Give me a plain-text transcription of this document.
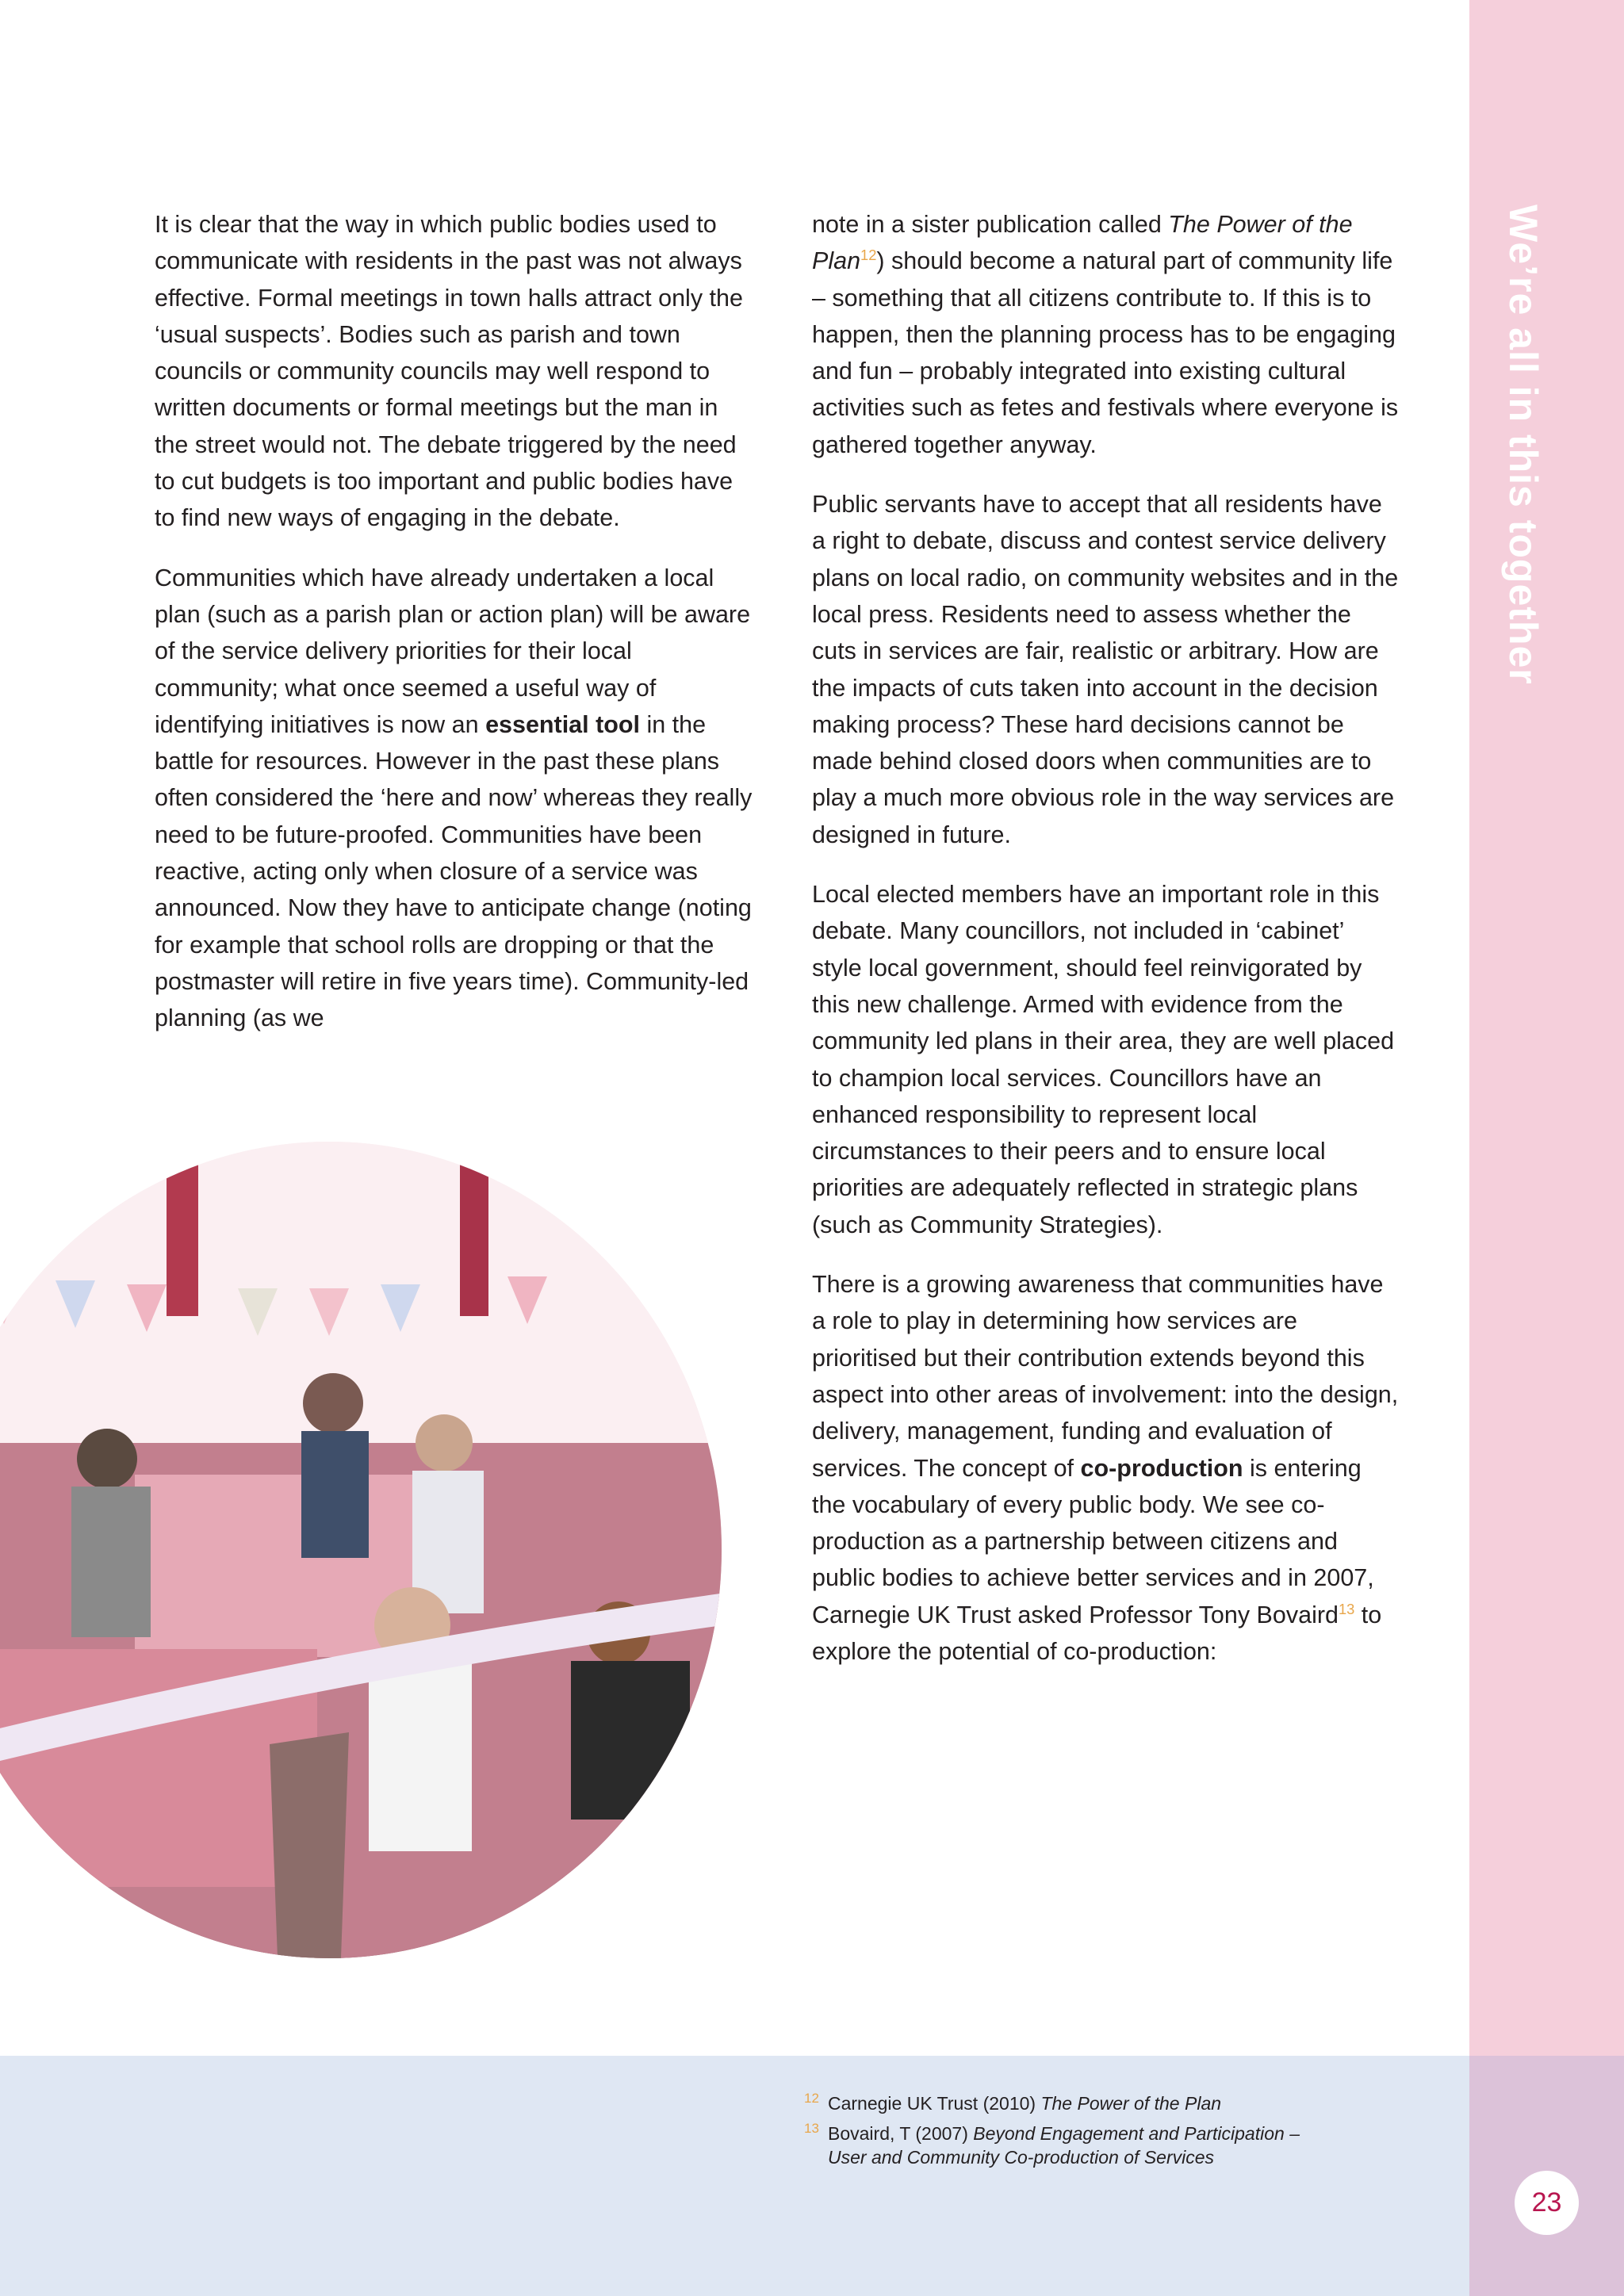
We’re all in this together

It is clear that the way in which public bodies used to communicate with residents in the past was not always effective. Formal meetings in town halls attract only the ‘usual suspects’. Bodies such as parish and town councils or community councils may well respond to written documents or formal meetings but the man in the street would not. The debate triggered by the need to cut budgets is too important and public bodies have to find new ways of engaging in the debate.

Communities which have already undertaken a local plan (such as a parish plan or action plan) will be aware of the service delivery priorities for their local community; what once seemed a useful way of identifying initiatives is now an essential tool in the battle for resources. However in the past these plans often considered the ‘here and now’ whereas they really need to be future-proofed. Communities have been reactive, acting only when closure of a service was announced. Now they have to anticipate change (noting for example that school rolls are dropping or that the postmaster will retire in five years time). Community-led planning (as we

note in a sister publication called The Power of the Plan$^{12}$) should become a natural part of community life – something that all citizens contribute to. If this is to happen, then the planning process has to be engaging and fun – probably integrated into existing cultural activities such as fetes and festivals where everyone is gathered together anyway.

Public servants have to accept that all residents have a right to debate, discuss and contest service delivery plans on local radio, on community websites and in the local press. Residents need to assess whether the cuts in services are fair, realistic or arbitrary. How are the impacts of cuts taken into account in the decision making process? These hard decisions cannot be made behind closed doors when communities are to play a much more obvious role in the way services are designed in future.

Local elected members have an important role in this debate. Many councillors, not included in ‘cabinet’ style local government, should feel reinvigorated by this new challenge. Armed with evidence from the community led plans in their area, they are well placed to champion local services. Councillors have an enhanced responsibility to represent local circumstances to their peers and to ensure local priorities are adequately reflected in strategic plans (such as Community Strategies).

There is a growing awareness that communities have a role to play in determining how services are prioritised but their contribution extends beyond this aspect into other areas of involvement: into the design, delivery, management, funding and evaluation of services. The concept of co-production is entering the vocabulary of every public body. We see co-production as a partnership between citizens and public bodies to achieve better services and in 2007, Carnegie UK Trust asked Professor Tony Bovaird$^{13}$ to explore the potential of co-production:

12 Carnegie UK Trust (2010) The Power of the Plan
13 Bovaird, T (2007) Beyond Engagement and Participation –
User and Community Co-production of Services
23
